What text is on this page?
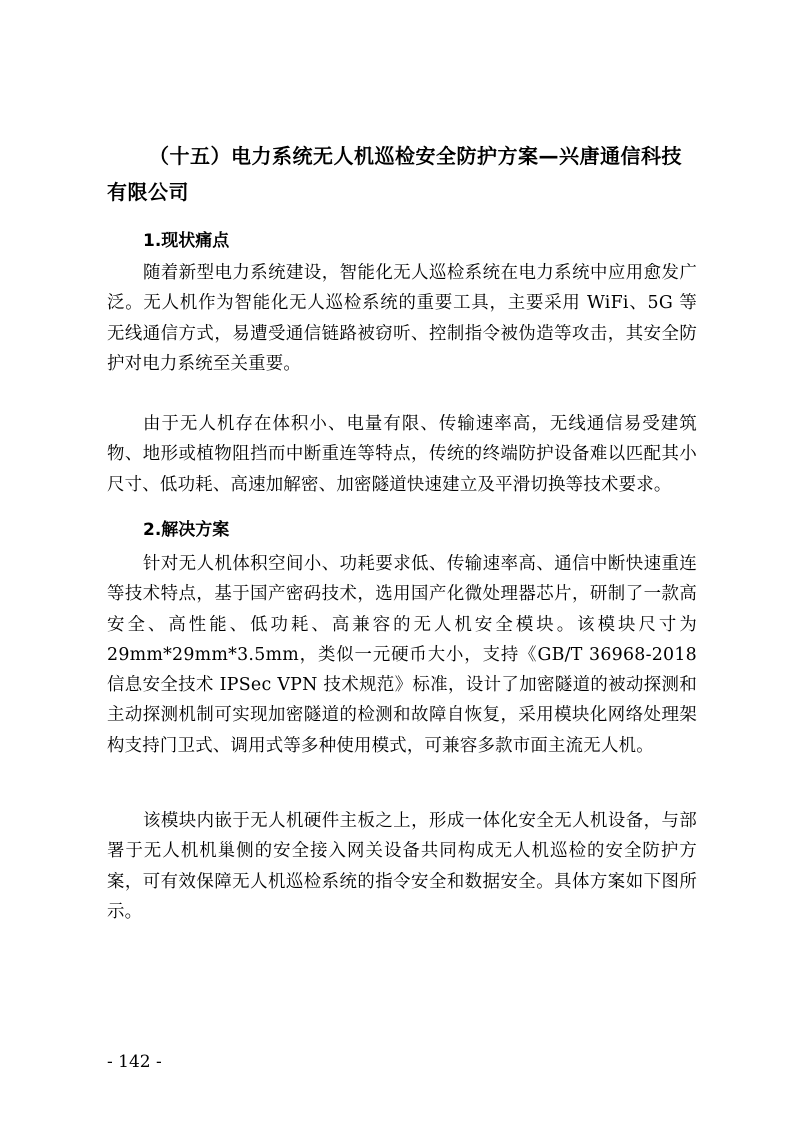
（十五）电力系统无人机巡检安全防护方案—兴唐通信科技有限公司
1.现状痛点

随着新型电力系统建设，智能化无人巡检系统在电力系统中应用愈发广泛。无人机作为智能化无人巡检系统的重要工具，主要采用 WiFi、5G 等无线通信方式，易遭受通信链路被窃听、控制指令被伪造等攻击，其安全防护对电力系统至关重要。

由于无人机存在体积小、电量有限、传输速率高，无线通信易受建筑物、地形或植物阻挡而中断重连等特点，传统的终端防护设备难以匹配其小尺寸、低功耗、高速加解密、加密隧道快速建立及平滑切换等技术要求。

2.解决方案

针对无人机体积空间小、功耗要求低、传输速率高、通信中断快速重连等技术特点，基于国产密码技术，选用国产化微处理器芯片，研制了一款高安全、高性能、低功耗、高兼容的无人机安全模块。该模块尺寸为 29mm*29mm*3.5mm，类似一元硬币大小，支持《GB/T 36968-2018 信息安全技术 IPSec VPN 技术规范》标准，设计了加密隧道的被动探测和主动探测机制可实现加密隧道的检测和故障自恢复，采用模块化网络处理架构支持门卫式、调用式等多种使用模式，可兼容多款市面主流无人机。

该模块内嵌于无人机硬件主板之上，形成一体化安全无人机设备，与部署于无人机机巢侧的安全接入网关设备共同构成无人机巡检的安全防护方案，可有效保障无人机巡检系统的指令安全和数据安全。具体方案如下图所示。

- 142 -
